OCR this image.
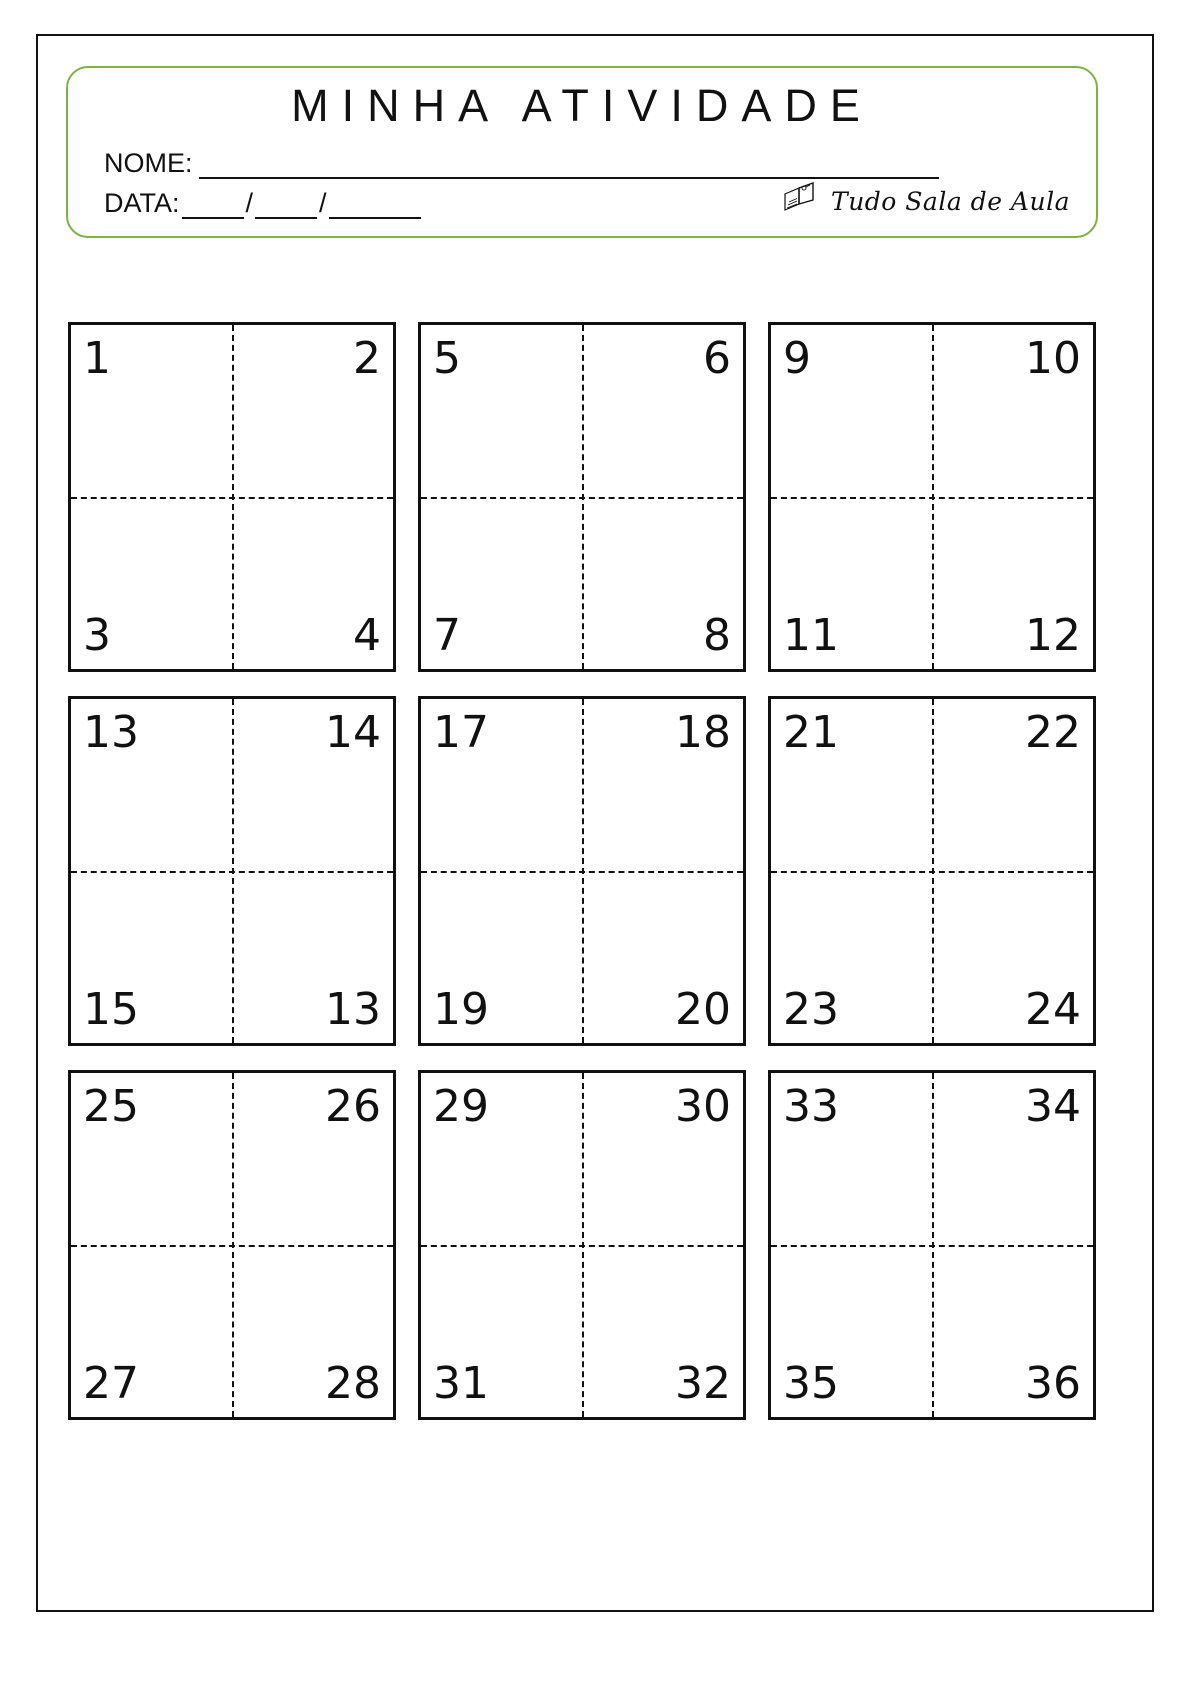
MINHA ATIVIDADE
NOME:
DATA: / /	Tudo Sala de Aula
1	2
3	4
5	6
7	8
9	10
11	12
13	14
15	13
17	18
19	20
21	22
23	24
25	26
27	28
29	30
31	32
33	34
35	36
